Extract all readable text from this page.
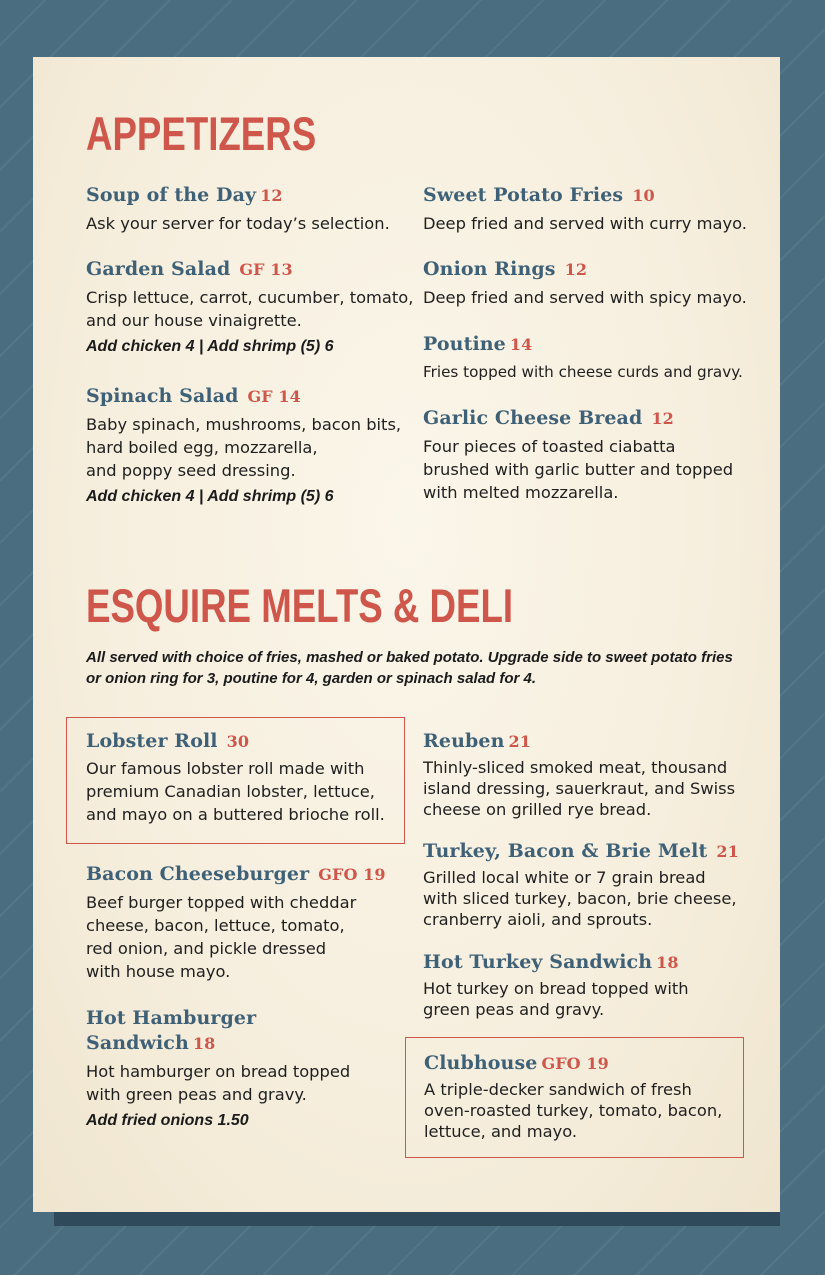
APPETIZERS
Soup of the Day 12
Ask your server for today’s selection.
Garden Salad GF 13
Crisp lettuce, carrot, cucumber, tomato,
and our house vinaigrette.
Add chicken 4 | Add shrimp (5) 6
Spinach Salad GF 14
Baby spinach, mushrooms, bacon bits,
hard boiled egg, mozzarella,
and poppy seed dressing.
Add chicken 4 | Add shrimp (5) 6
Sweet Potato Fries 10
Deep fried and served with curry mayo.
Onion Rings 12
Deep fried and served with spicy mayo.
Poutine 14
Fries topped with cheese curds and gravy.
Garlic Cheese Bread 12
Four pieces of toasted ciabatta
brushed with garlic butter and topped
with melted mozzarella.
ESQUIRE MELTS & DELI
All served with choice of fries, mashed or baked potato. Upgrade side to sweet potato fries or onion ring for 3, poutine for 4, garden or spinach salad for 4.
Lobster Roll 30
Our famous lobster roll made with
premium Canadian lobster, lettuce,
and mayo on a buttered brioche roll.
Bacon Cheeseburger GFO 19
Beef burger topped with cheddar
cheese, bacon, lettuce, tomato,
red onion, and pickle dressed
with house mayo.
Hot Hamburger Sandwich 18
Hot hamburger on bread topped
with green peas and gravy.
Add fried onions 1.50
Reuben 21
Thinly-sliced smoked meat, thousand
island dressing, sauerkraut, and Swiss
cheese on grilled rye bread.
Turkey, Bacon & Brie Melt 21
Grilled local white or 7 grain bread
with sliced turkey, bacon, brie cheese,
cranberry aioli, and sprouts.
Hot Turkey Sandwich 18
Hot turkey on bread topped with
green peas and gravy.
Clubhouse GFO 19
A triple-decker sandwich of fresh
oven-roasted turkey, tomato, bacon,
lettuce, and mayo.
